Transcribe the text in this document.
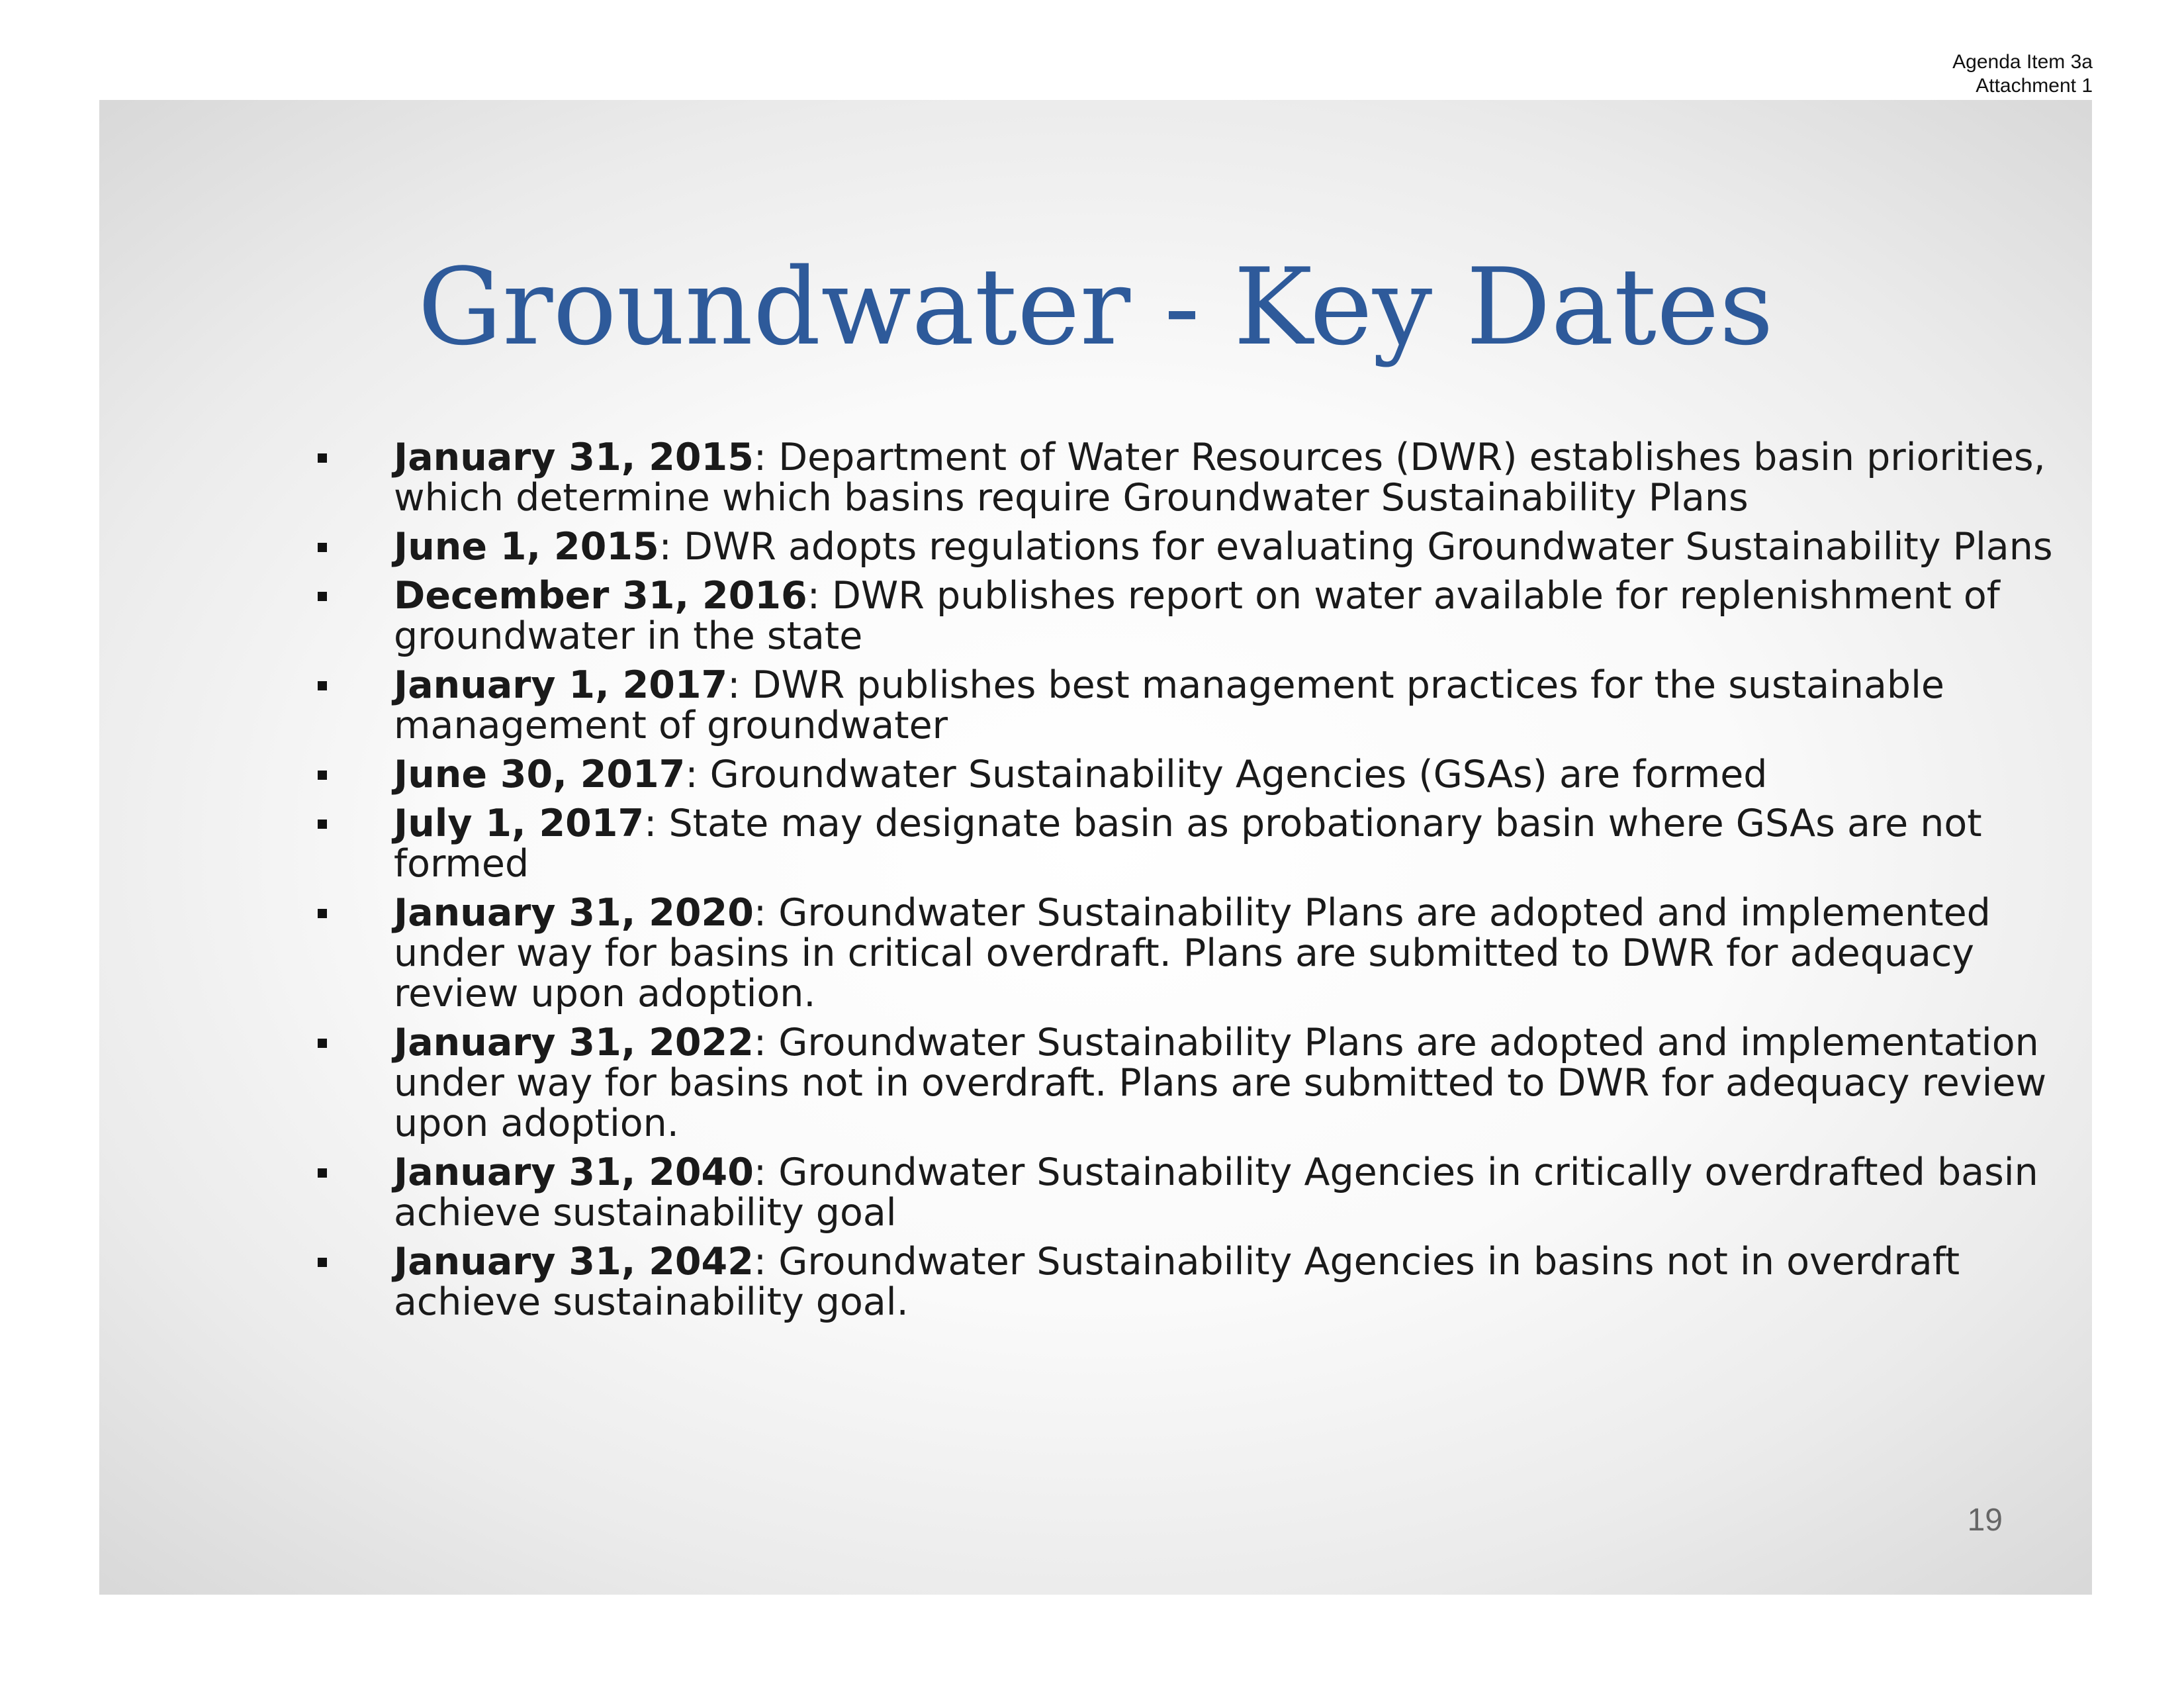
Agenda Item 3a
Attachment 1
Groundwater - Key Dates
January 31, 2015: Department of Water Resources (DWR) establishes basin priorities, which determine which basins require Groundwater Sustainability Plans
June 1, 2015: DWR adopts regulations for evaluating Groundwater Sustainability Plans
December 31, 2016: DWR publishes report on water available for replenishment of groundwater in the state
January 1, 2017: DWR publishes best management practices for the sustainable management of groundwater
June 30, 2017: Groundwater Sustainability Agencies (GSAs) are formed
July 1, 2017: State may designate basin as probationary basin where GSAs are not formed
January 31, 2020: Groundwater Sustainability Plans are adopted and implemented under way for basins in critical overdraft. Plans are submitted to DWR for adequacy review upon adoption.
January 31, 2022: Groundwater Sustainability Plans are adopted and implementation under way for basins not in overdraft. Plans are submitted to DWR for adequacy review upon adoption.
January 31, 2040: Groundwater Sustainability Agencies in critically overdrafted basin achieve sustainability goal
January 31, 2042: Groundwater Sustainability Agencies in basins not in overdraft achieve sustainability goal.
19
